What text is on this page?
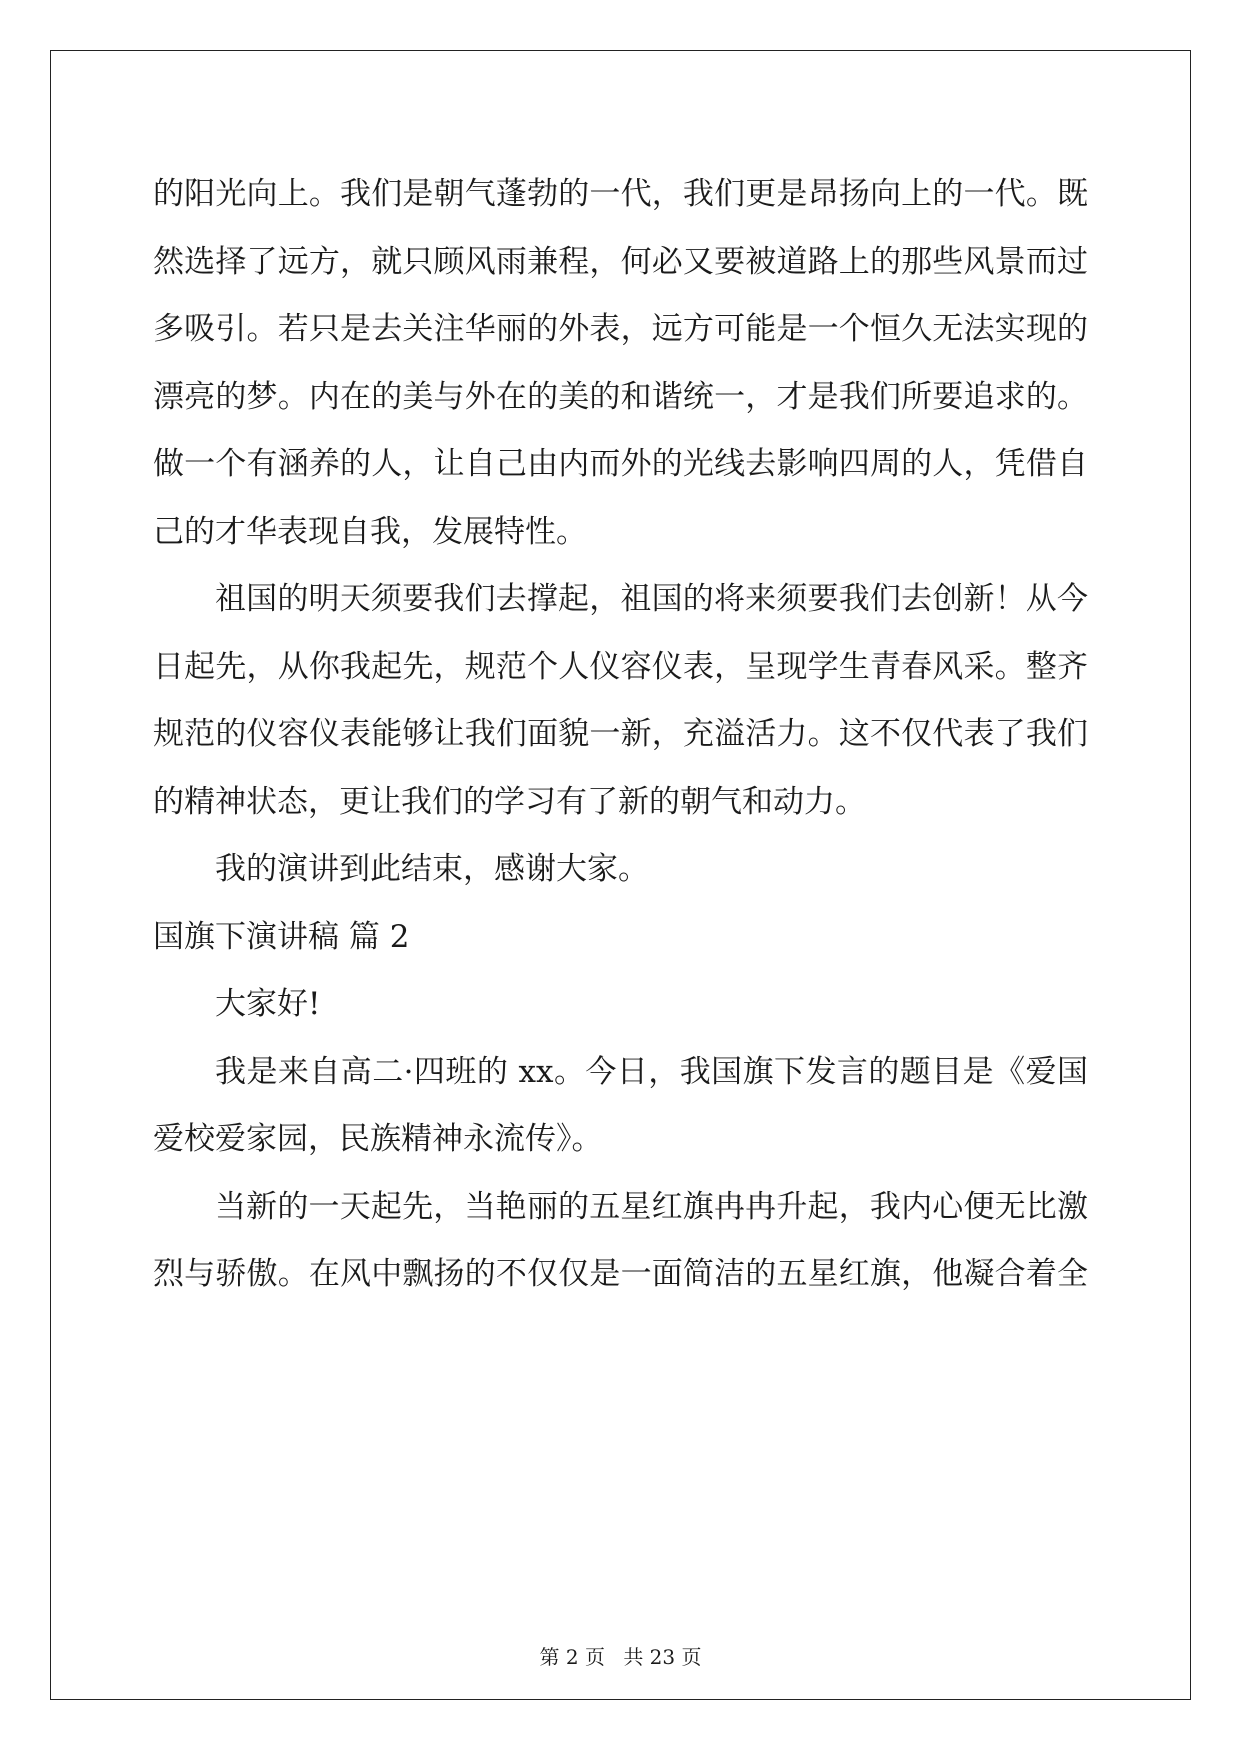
的阳光向上。我们是朝气蓬勃的一代，我们更是昂扬向上的一代。既
然选择了远方，就只顾风雨兼程，何必又要被道路上的那些风景而过
多吸引。若只是去关注华丽的外表，远方可能是一个恒久无法实现的
漂亮的梦。内在的美与外在的美的和谐统一，才是我们所要追求的。
做一个有涵养的人，让自己由内而外的光线去影响四周的人，凭借自
己的才华表现自我，发展特性。
祖国的明天须要我们去撑起，祖国的将来须要我们去创新！从今
日起先，从你我起先，规范个人仪容仪表，呈现学生青春风采。整齐
规范的仪容仪表能够让我们面貌一新，充溢活力。这不仅代表了我们
的精神状态，更让我们的学习有了新的朝气和动力。
我的演讲到此结束，感谢大家。
国旗下演讲稿 篇 2
大家好!
我是来自高二·四班的 xx。今日，我国旗下发言的题目是《爱国
爱校爱家园，民族精神永流传》。
当新的一天起先，当艳丽的五星红旗冉冉升起，我内心便无比激
烈与骄傲。在风中飘扬的不仅仅是一面简洁的五星红旗，他凝合着全
第 2 页 共 23 页
